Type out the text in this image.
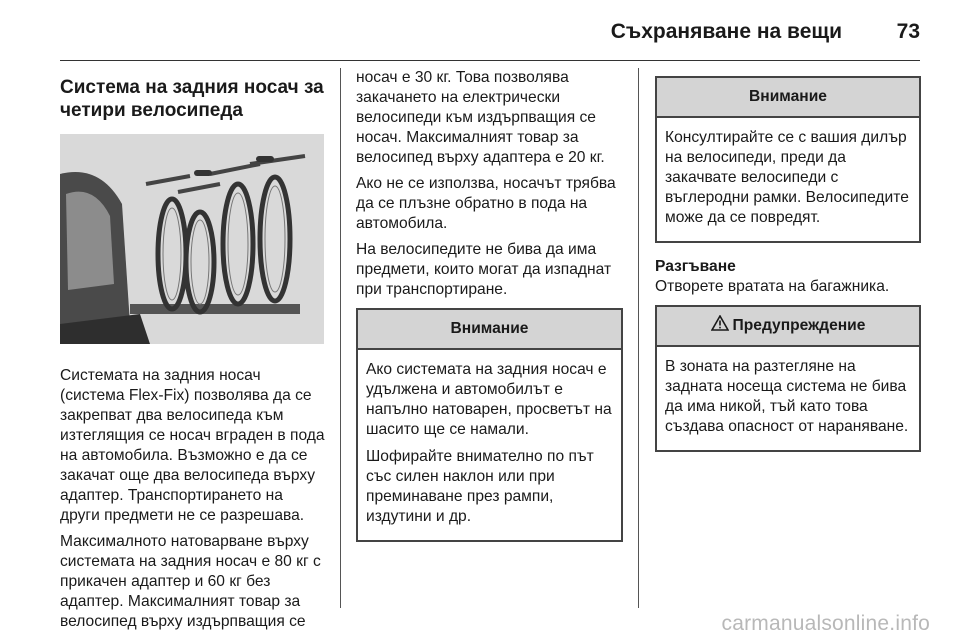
Съхраняване на вещи	73
Система на задния носач за четири велосипеда

Системата на задния носач (система Flex-Fix) позволява да се закрепват два велосипеда към изтеглящия се носач вграден в пода на автомобила. Възможно е да се закачат още два велосипеда върху адаптер. Транспортирането на други предмети не се разрешава.

Максималното натоварване върху системата на задния носач е 80 кг с прикачен адаптер и 60 кг без адаптер. Максималният товар за велосипед върху издърпващия се

носач е 30 кг. Това позволява закачането на електрически велосипеди към издърпващия се носач. Максималният товар за велосипед върху адаптера е 20 кг.

Ако не се използва, носачът трябва да се плъзне обратно в пода на автомобила.

На велосипедите не бива да има предмети, които могат да изпаднат при транспортиране.

Внимание

Ако системата на задния носач е удължена и автомобилът е напълно натоварен, просветът на шасито ще се намали.

Шофирайте внимателно по път със силен наклон или при преминаване през рампи, издутини и др.

Внимание

Консултирайте се с вашия дилър на велосипеди, преди да закачвате велосипеди с въглеродни рамки. Велосипедите може да се повредят.

Разгъване

Отворете вратата на багажника.

Предупреждение

В зоната на разтегляне на задната носеща система не бива да има никой, тъй като това създава опасност от нараняване.

carmanualsonline.info
